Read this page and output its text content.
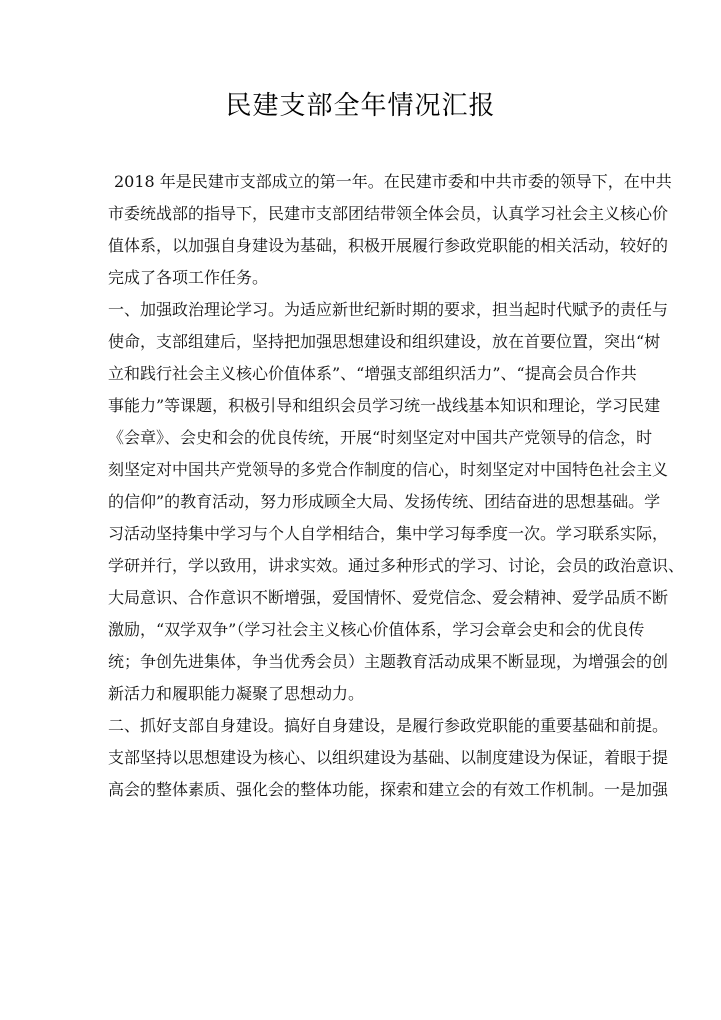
民建支部全年情况汇报
2018 年是民建市支部成立的第一年。在民建市委和中共市委的领导下，在中共
市委统战部的指导下，民建市支部团结带领全体会员，认真学习社会主义核心价
值体系，以加强自身建设为基础，积极开展履行参政党职能的相关活动，较好的
完成了各项工作任务。
一、加强政治理论学习。为适应新世纪新时期的要求，担当起时代赋予的责任与
使命，支部组建后，坚持把加强思想建设和组织建设，放在首要位置，突出“树
立和践行社会主义核心价值体系”、“增强支部组织活力”、“提高会员合作共
事能力”等课题，积极引导和组织会员学习统一战线基本知识和理论，学习民建
《会章》、会史和会的优良传统，开展“时刻坚定对中国共产党领导的信念，时
刻坚定对中国共产党领导的多党合作制度的信心，时刻坚定对中国特色社会主义
的信仰”的教育活动，努力形成顾全大局、发扬传统、团结奋进的思想基础。学
习活动坚持集中学习与个人自学相结合，集中学习每季度一次。学习联系实际，
学研并行，学以致用，讲求实效。通过多种形式的学习、讨论，会员的政治意识、
大局意识、合作意识不断增强，爱国情怀、爱党信念、爱会精神、爱学品质不断
激励，“双学双争”（学习社会主义核心价值体系，学习会章会史和会的优良传
统；争创先进集体，争当优秀会员）主题教育活动成果不断显现，为增强会的创
新活力和履职能力凝聚了思想动力。
二、抓好支部自身建设。搞好自身建设，是履行参政党职能的重要基础和前提。
支部坚持以思想建设为核心、以组织建设为基础、以制度建设为保证，着眼于提
高会的整体素质、强化会的整体功能，探索和建立会的有效工作机制。一是加强
